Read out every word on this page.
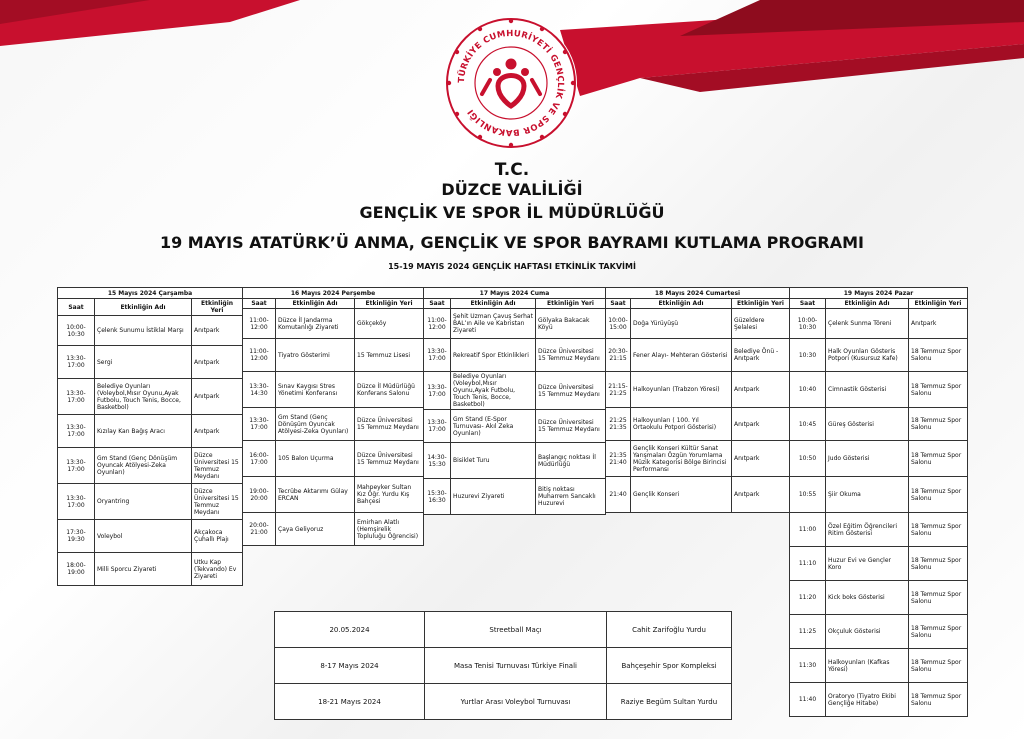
TÜRKİYE CUMHURİYETİ GENÇLİK VE SPOR BAKANLIĞI
T.C.
DÜZCE VALİLİĞİ
GENÇLİK VE SPOR İL MÜDÜRLÜĞÜ
19 MAYIS ATATÜRK’Ü ANMA, GENÇLİK VE SPOR BAYRAMI KUTLAMA PROGRAMI
15-19 MAYIS 2024 GENÇLİK HAFTASI ETKİNLİK TAKVİMİ
15 Mayıs 2024 Çarşamba		
Saat	Etkinliğin Adı	Etkinliğin Yeri
10:00-10:30	Çelenk Sunumu İstiklal Marşı	Anıtpark
13:30-17:00	Sergi	Anıtpark
13:30-17:00	Belediye Oyunları (Voleybol,Mısır Oyunu,Ayak Futbolu, Touch Tenis, Bocce, Basketbol)	Anıtpark
13:30-17:00	Kızılay Kan Bağış Aracı	Anıtpark
13:30-17:00	Gm Stand (Genç Dönüşüm Oyuncak Atölyesi-Zeka Oyunları)	Düzce Üniversitesi 15 Temmuz Meydanı
13:30-17:00	Oryantring	Düzce Üniversitesi 15 Temmuz Meydanı
17:30-19:30	Voleybol	Akçakoca Çuhallı Plajı
18:00-19:00	Milli Sporcu Ziyareti	Utku Kap (Tekvando) Ev Ziyareti
16 Mayıs 2024 Perşembe		
Saat	Etkinliğin Adı	Etkinliğin Yeri
11:00-12:00	Düzce İl Jandarma Komutanlığı Ziyareti	Gökçeköy
11:00-12:00	Tiyatro Gösterimi	15 Temmuz Lisesi
13:30-14:30	Sınav Kaygısı Stres Yönetimi Konferansı	Düzce İl Müdürlüğü Konferans Salonu
13:30-17:00	Gm Stand (Genç Dönüşüm Oyuncak Atölyesi-Zeka Oyunları)	Düzce Üniversitesi 15 Temmuz Meydanı
16:00-17:00	105 Balon Uçurma	Düzce Üniversitesi 15 Temmuz Meydanı
19:00-20:00	Tecrübe Aktarımı Gülay ERCAN	Mahpeyker Sultan Kız Öğr. Yurdu Kış Bahçesi
20:00-21:00	Çaya Geliyoruz	Emirhan Alatlı (Hemşirelik Topluluğu Öğrencisi)
17 Mayıs 2024 Cuma		
Saat	Etkinliğin Adı	Etkinliğin Yeri
11:00-12:00	Şehit Uzman Çavuş Serhat BAL’ın Aile ve Kabristan Ziyareti	Gölyaka Bakacak Köyü
13:30-17:00	Rekreatif Spor Etkinlikleri	Düzce Üniversitesi 15 Temmuz Meydanı
13:30-17:00	Belediye Oyunları (Voleybol,Mısır Oyunu,Ayak Futbolu, Touch Tenis, Bocce, Basketbol)	Düzce Üniversitesi 15 Temmuz Meydanı
13:30-17:00	Gm Stand (E-Spor Turnuvası- Akıl Zeka Oyunları)	Düzce Üniversitesi 15 Temmuz Meydanı
14:30-15:30	Bisiklet Turu	Başlangıç noktası İl Müdürlüğü
15:30-16:30	Huzurevi Ziyareti	Bitiş noktası Muharrem Sancaklı Huzurevi
18 Mayıs 2024 Cumartesi		
Saat	Etkinliğin Adı	Etkinliğin Yeri
10:00-15:00	Doğa Yürüyüşü	Güzeldere Şelalesi
20:30-21:15	Fener Alayı- Mehteran Gösterisi	Belediye Önü - Anıtpark
21:15-21:25	Halkoyunları (Trabzon Yöresi)	Anıtpark
21:25 21:35	Halkoyunları ( 100. Yıl Ortaokulu Potpori Gösterisi)	Anıtpark
21:35 21:40	Gençlik Konseri Kültür Sanat Yarışmaları Özgün Yorumlama Müzik Kategorisi Bölge Birincisi Performansı	Anıtpark
21:40	Gençlik Konseri	Anıtpark
19 Mayıs 2024 Pazar		
Saat	Etkinliğin Adı	Etkinliğin Yeri
10:00-10:30	Çelenk Sunma Töreni	Anıtpark
10:30	Halk Oyunları Gösteris Potpori (Kusursuz Kafe)	18 Temmuz Spor Salonu
10:40	Cimnastik Gösterisi	18 Temmuz Spor Salonu
10:45	Güreş Gösterisi	18 Temmuz Spor Salonu
10:50	Judo Gösterisi	18 Temmuz Spor Salonu
10:55	Şiir Okuma	18 Temmuz Spor Salonu
11:00	Özel Eğitim Öğrencileri Ritim Gösterisi	18 Temmuz Spor Salonu
11:10	Huzur Evi ve Gençler Koro	18 Temmuz Spor Salonu
11:20	Kick boks Gösterisi	18 Temmuz Spor Salonu
11:25	Okçuluk Gösterisi	18 Temmuz Spor Salonu
11:30	Halkoyunları (Kafkas Yöresi)	18 Temmuz Spor Salonu
11:40	Oratoryo (Tiyatro Ekibi Gençliğe Hitabe)	18 Temmuz Spor Salonu
20.05.2024	Streetball Maçı	Cahit Zarifoğlu Yurdu
8-17 Mayıs 2024	Masa Tenisi Turnuvası Türkiye Finali	Bahçeşehir Spor Kompleksi
18-21 Mayıs 2024	Yurtlar Arası Voleybol Turnuvası	Raziye Begüm Sultan Yurdu
